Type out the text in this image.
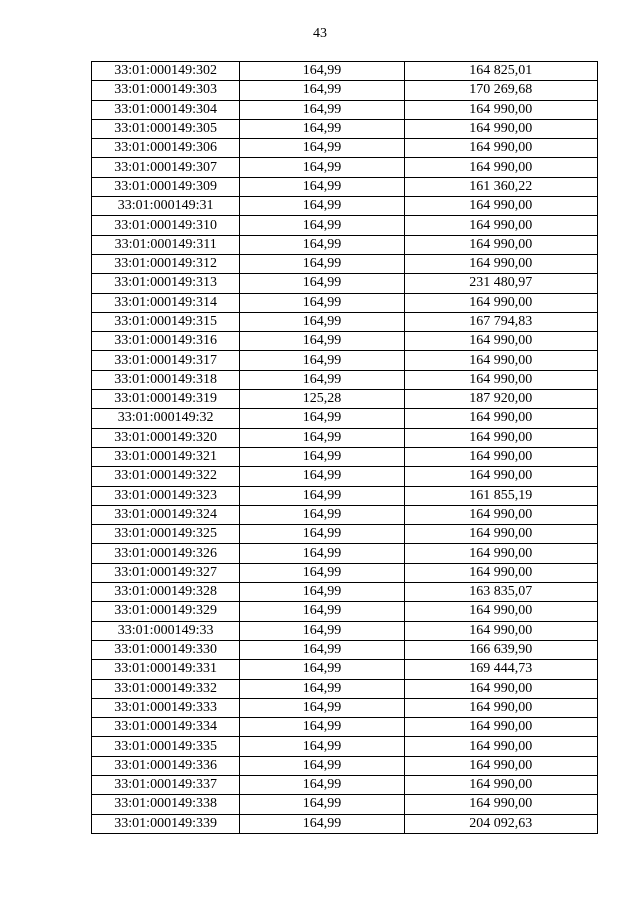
43
33:01:000149:302	164,99	164 825,01
33:01:000149:303	164,99	170 269,68
33:01:000149:304	164,99	164 990,00
33:01:000149:305	164,99	164 990,00
33:01:000149:306	164,99	164 990,00
33:01:000149:307	164,99	164 990,00
33:01:000149:309	164,99	161 360,22
33:01:000149:31	164,99	164 990,00
33:01:000149:310	164,99	164 990,00
33:01:000149:311	164,99	164 990,00
33:01:000149:312	164,99	164 990,00
33:01:000149:313	164,99	231 480,97
33:01:000149:314	164,99	164 990,00
33:01:000149:315	164,99	167 794,83
33:01:000149:316	164,99	164 990,00
33:01:000149:317	164,99	164 990,00
33:01:000149:318	164,99	164 990,00
33:01:000149:319	125,28	187 920,00
33:01:000149:32	164,99	164 990,00
33:01:000149:320	164,99	164 990,00
33:01:000149:321	164,99	164 990,00
33:01:000149:322	164,99	164 990,00
33:01:000149:323	164,99	161 855,19
33:01:000149:324	164,99	164 990,00
33:01:000149:325	164,99	164 990,00
33:01:000149:326	164,99	164 990,00
33:01:000149:327	164,99	164 990,00
33:01:000149:328	164,99	163 835,07
33:01:000149:329	164,99	164 990,00
33:01:000149:33	164,99	164 990,00
33:01:000149:330	164,99	166 639,90
33:01:000149:331	164,99	169 444,73
33:01:000149:332	164,99	164 990,00
33:01:000149:333	164,99	164 990,00
33:01:000149:334	164,99	164 990,00
33:01:000149:335	164,99	164 990,00
33:01:000149:336	164,99	164 990,00
33:01:000149:337	164,99	164 990,00
33:01:000149:338	164,99	164 990,00
33:01:000149:339	164,99	204 092,63
